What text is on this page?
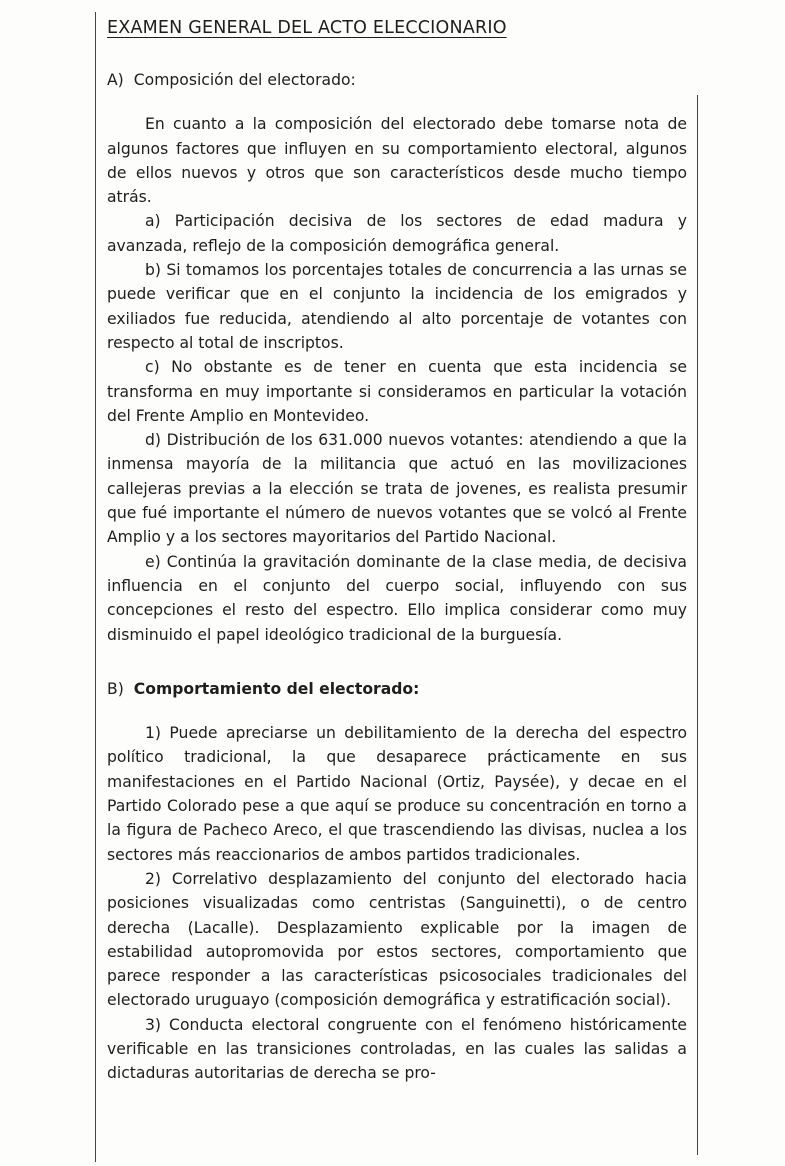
EXAMEN GENERAL DEL ACTO ELECCIONARIO
A) Composición del electorado:

En cuanto a la composición del electorado debe tomarse nota de algunos factores que influyen en su comportamiento electoral, algunos de ellos nuevos y otros que son característicos desde mucho tiempo atrás.

a) Participación decisiva de los sectores de edad madura y avanzada, reflejo de la composición demográfica general.

b) Si tomamos los porcentajes totales de concurrencia a las urnas se puede verificar que en el conjunto la incidencia de los emigrados y exiliados fue reducida, atendiendo al alto porcentaje de votantes con respecto al total de inscriptos.

c) No obstante es de tener en cuenta que esta incidencia se transforma en muy importante si consideramos en particular la votación del Frente Amplio en Montevideo.

d) Distribución de los 631.000 nuevos votantes: atendiendo a que la inmensa mayoría de la militancia que actuó en las movilizaciones callejeras previas a la elección se trata de jovenes, es realista presumir que fué importante el número de nuevos votantes que se volcó al Frente Amplio y a los sectores mayoritarios del Partido Nacional.

e) Continúa la gravitación dominante de la clase media, de decisiva influencia en el conjunto del cuerpo social, influyendo con sus concepciones el resto del espectro. Ello implica considerar como muy disminuido el papel ideológico tradicional de la burguesía.

B) Comportamiento del electorado:

1) Puede apreciarse un debilitamiento de la derecha del espectro político tradicional, la que desaparece prácticamente en sus manifestaciones en el Partido Nacional (Ortiz, Paysée), y decae en el Partido Colorado pese a que aquí se produce su concentración en torno a la figura de Pacheco Areco, el que trascendiendo las divisas, nuclea a los sectores más reaccionarios de ambos partidos tradicionales.

2) Correlativo desplazamiento del conjunto del electorado hacia posiciones visualizadas como centristas (Sanguinetti), o de centro derecha (Lacalle). Desplazamiento explicable por la imagen de estabilidad autopromovida por estos sectores, comportamiento que parece responder a las características psicosociales tradicionales del electorado uruguayo (composición demográfica y estratificación social).

3) Conducta electoral congruente con el fenómeno históricamente verificable en las transiciones controladas, en las cuales las salidas a dictaduras autoritarias de derecha se pro-
